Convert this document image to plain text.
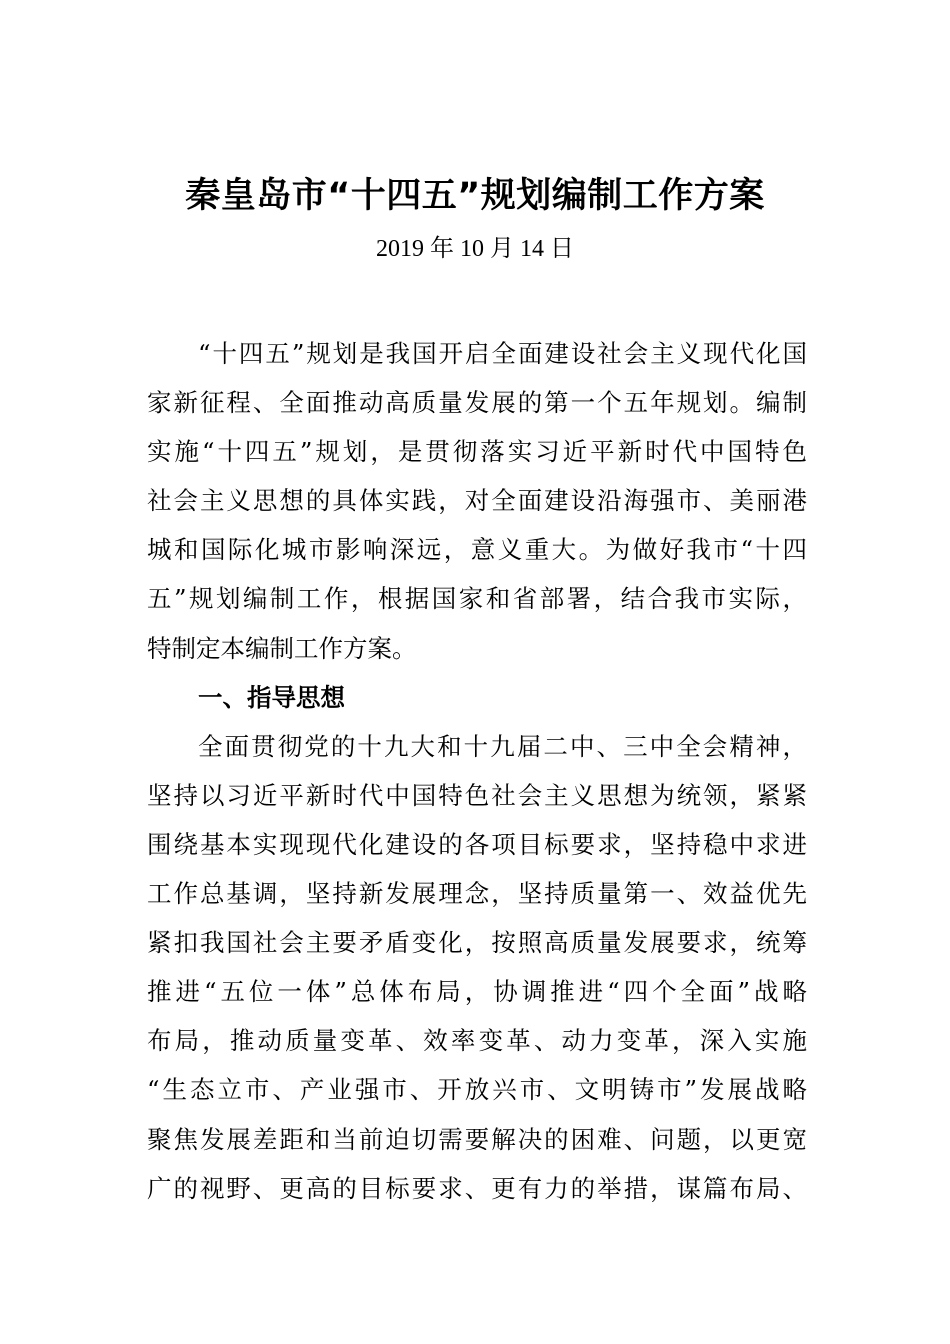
秦皇岛市“十四五”规划编制工作方案
2019 年 10 月 14 日
“十四五”规划是我国开启全面建设社会主义现代化国
家新征程、全面推动高质量发展的第一个五年规划。编制
实施“十四五”规划，是贯彻落实习近平新时代中国特色
社会主义思想的具体实践，对全面建设沿海强市、美丽港
城和国际化城市影响深远，意义重大。为做好我市“十四
五”规划编制工作，根据国家和省部署，结合我市实际，
特制定本编制工作方案。
一、指导思想
全面贯彻党的十九大和十九届二中、三中全会精神，
坚持以习近平新时代中国特色社会主义思想为统领，紧紧
围绕基本实现现代化建设的各项目标要求，坚持稳中求进
工作总基调，坚持新发展理念，坚持质量第一、效益优先
紧扣我国社会主要矛盾变化，按照高质量发展要求，统筹
推进“五位一体”总体布局，协调推进“四个全面”战略
布局，推动质量变革、效率变革、动力变革，深入实施
“生态立市、产业强市、开放兴市、文明铸市”发展战略
聚焦发展差距和当前迫切需要解决的困难、问题，以更宽
广的视野、更高的目标要求、更有力的举措，谋篇布局、
